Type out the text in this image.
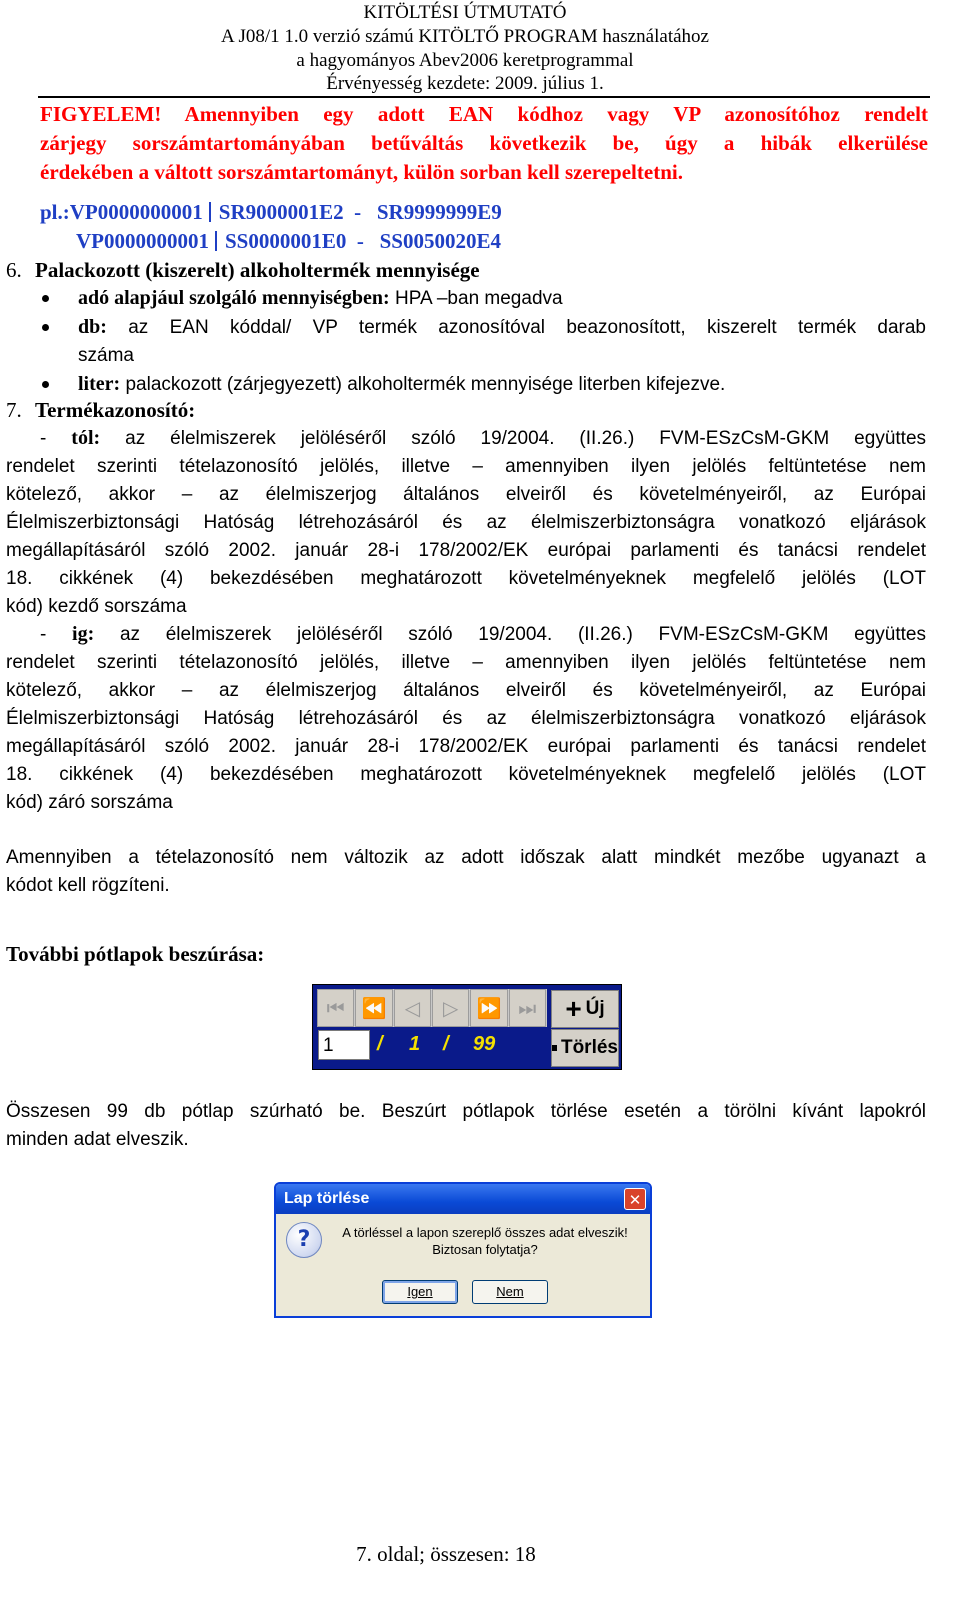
KITÖLTÉSI ÚTMUTATÓ
A J08/1 1.0 verzió számú KITÖLTŐ PROGRAM használatához
a hagyományos Abev2006 keretprogrammal
Érvényesség kezdete: 2009. július 1.
FIGYELEM! Amennyiben egy adott EAN kódhoz vagy VP azonosítóhoz rendelt
zárjegy sorszámtartományában betűváltás következik be, úgy a hibák elkerülése
érdekében a váltott sorszámtartományt, külön sorban kell szerepeltetni.
pl.:VP0000000001 SR9000001E2 - SR9999999E9
VP0000000001 SS0000001E0 - SS0050020E4
6. Palackozott (kiszerelt) alkoholtermék mennyisége
adó alapjául szolgáló mennyiségben: HPA –ban megadva
db: az EAN kóddal/ VP termék azonosítóval beazonosított, kiszerelt termék darab
száma
liter: palackozott (zárjegyezett) alkoholtermék mennyisége literben kifejezve.
7. Termékazonosító:
- tól: az élelmiszerek jelöléséről szóló 19/2004. (II.26.) FVM-ESzCsM-GKM együttes
rendelet szerinti tételazonosító jelölés, illetve – amennyiben ilyen jelölés feltüntetése nem
kötelező, akkor – az élelmiszerjog általános elveiről és követelményeiről, az Európai
Élelmiszerbiztonsági Hatóság létrehozásáról és az élelmiszerbiztonságra vonatkozó eljárások
megállapításáról szóló 2002. január 28-i 178/2002/EK európai parlamenti és tanácsi rendelet
18. cikkének (4) bekezdésében meghatározott követelményeknek megfelelő jelölés (LOT
kód) kezdő sorszáma
- ig: az élelmiszerek jelöléséről szóló 19/2004. (II.26.) FVM-ESzCsM-GKM együttes
rendelet szerinti tételazonosító jelölés, illetve – amennyiben ilyen jelölés feltüntetése nem
kötelező, akkor – az élelmiszerjog általános elveiről és követelményeiről, az Európai
Élelmiszerbiztonsági Hatóság létrehozásáról és az élelmiszerbiztonságra vonatkozó eljárások
megállapításáról szóló 2002. január 28-i 178/2002/EK európai parlamenti és tanácsi rendelet
18. cikkének (4) bekezdésében meghatározott követelményeknek megfelelő jelölés (LOT
kód) záró sorszáma
Amennyiben a tételazonosító nem változik az adott időszak alatt mindkét mezőbe ugyanazt a
kódot kell rögzíteni.
További pótlapok beszúrása:
⏮ ⏪ ◁ ▷ ⏩ ⏭ + Új
Törlés
1	/ 1 / 99
Összesen 99 db pótlap szúrható be. Beszúrt pótlapok törlése esetén a törölni kívánt lapokról
minden adat elveszik.
Lap törlése	✕
?	A törléssel a lapon szereplő összes adat elveszik!
Biztosan folytatja?
Igen	Nem
7. oldal; összesen: 18
